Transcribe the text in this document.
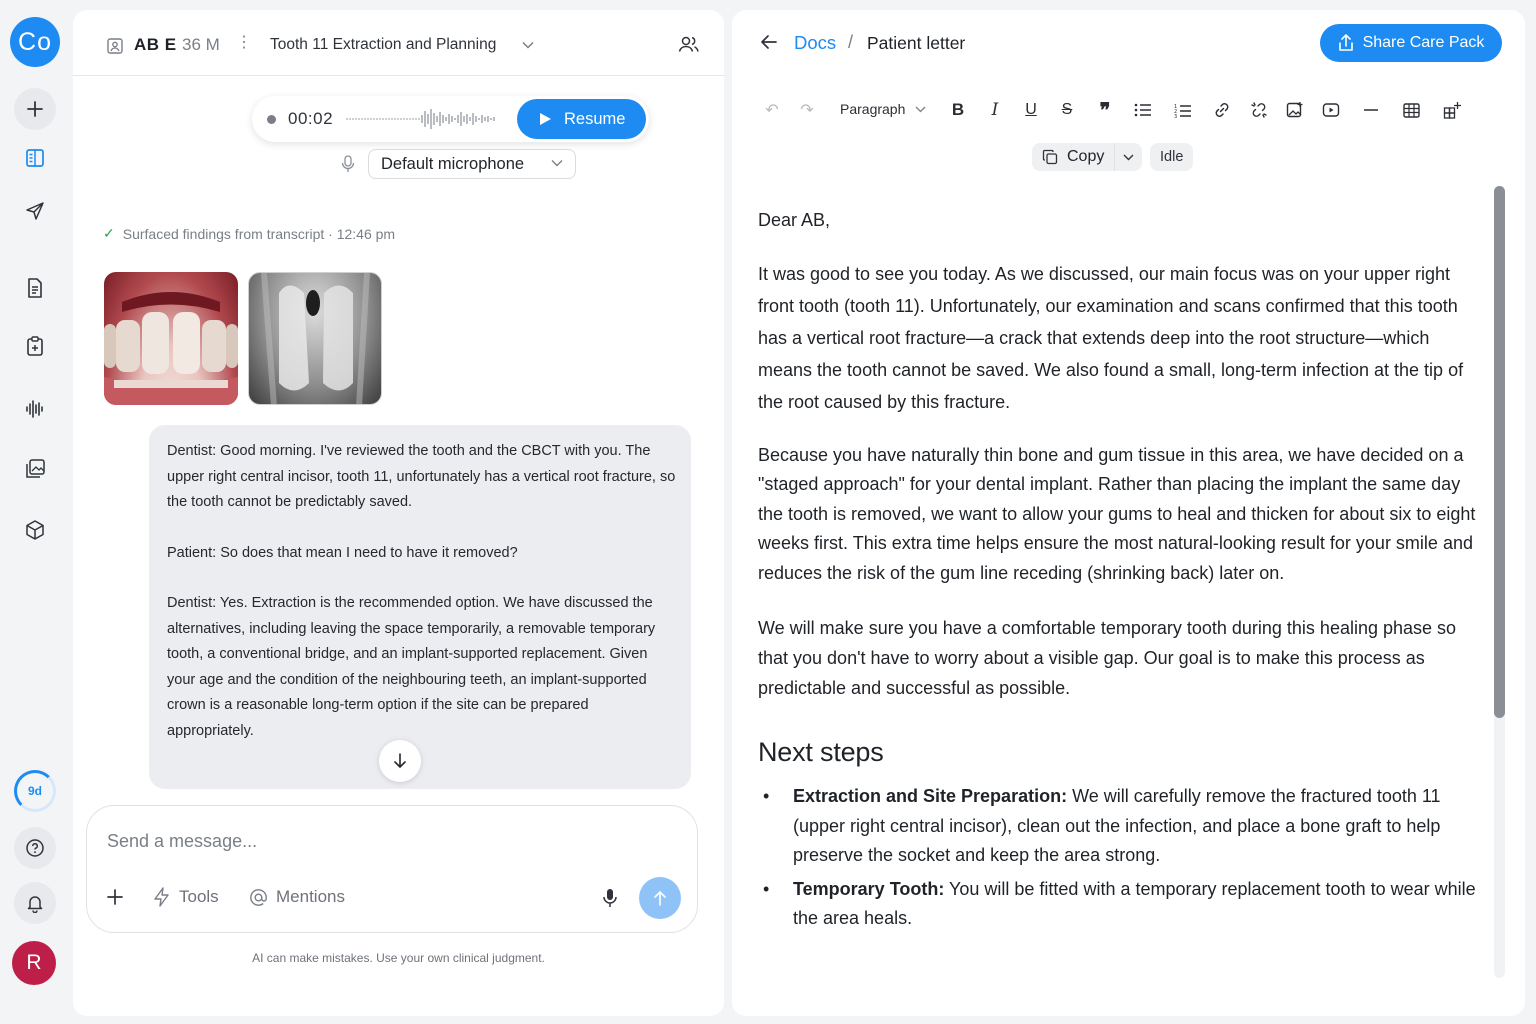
Co
9d
R
AB E 36 M ⋮ Tooth 11 Extraction and Planning
00:02	Resume
Default microphone
✓ Surfaced findings from transcript · 12:46 pm

Dentist: Good morning. I've reviewed the tooth and the CBCT with you. The upper right central incisor, tooth 11, unfortunately has a vertical root fracture, so the tooth cannot be predictably saved.

Patient: So does that mean I need to have it removed?

Dentist: Yes. Extraction is the recommended option. We have discussed the alternatives, including leaving the space temporarily, a removable temporary tooth, a conventional bridge, and an implant-supported replacement. Given your age and the condition of the neighbouring teeth, an implant-supported crown is a reasonable long-term option if the site can be prepared appropriately.

Send a message...
Tools	Mentions
AI can make mistakes. Use your own clinical judgment.
Docs / Patient letter	Share Care Pack
↶	↷	Paragraph	B	I	U	S	❞	1
2
3
Copy	Idle

Dear AB,

It was good to see you today. As we discussed, our main focus was on your upper right front tooth (tooth 11). Unfortunately, our examination and scans confirmed that this tooth has a vertical root fracture—a crack that extends deep into the root structure—which means the tooth cannot be saved. We also found a small, long-term infection at the tip of the root caused by this fracture.

Because you have naturally thin bone and gum tissue in this area, we have decided on a "staged approach" for your dental implant. Rather than placing the implant the same day the tooth is removed, we want to allow your gums to heal and thicken for about six to eight weeks first. This extra time helps ensure the most natural-looking result for your smile and reduces the risk of the gum line receding (shrinking back) later on.

We will make sure you have a comfortable temporary tooth during this healing phase so that you don't have to worry about a visible gap. Our goal is to make this process as predictable and successful as possible.

Next steps
• Extraction and Site Preparation: We will carefully remove the fractured tooth 11 (upper right central incisor), clean out the infection, and place a bone graft to help preserve the socket and keep the area strong.
• Temporary Tooth: You will be fitted with a temporary replacement tooth to wear while the area heals.
